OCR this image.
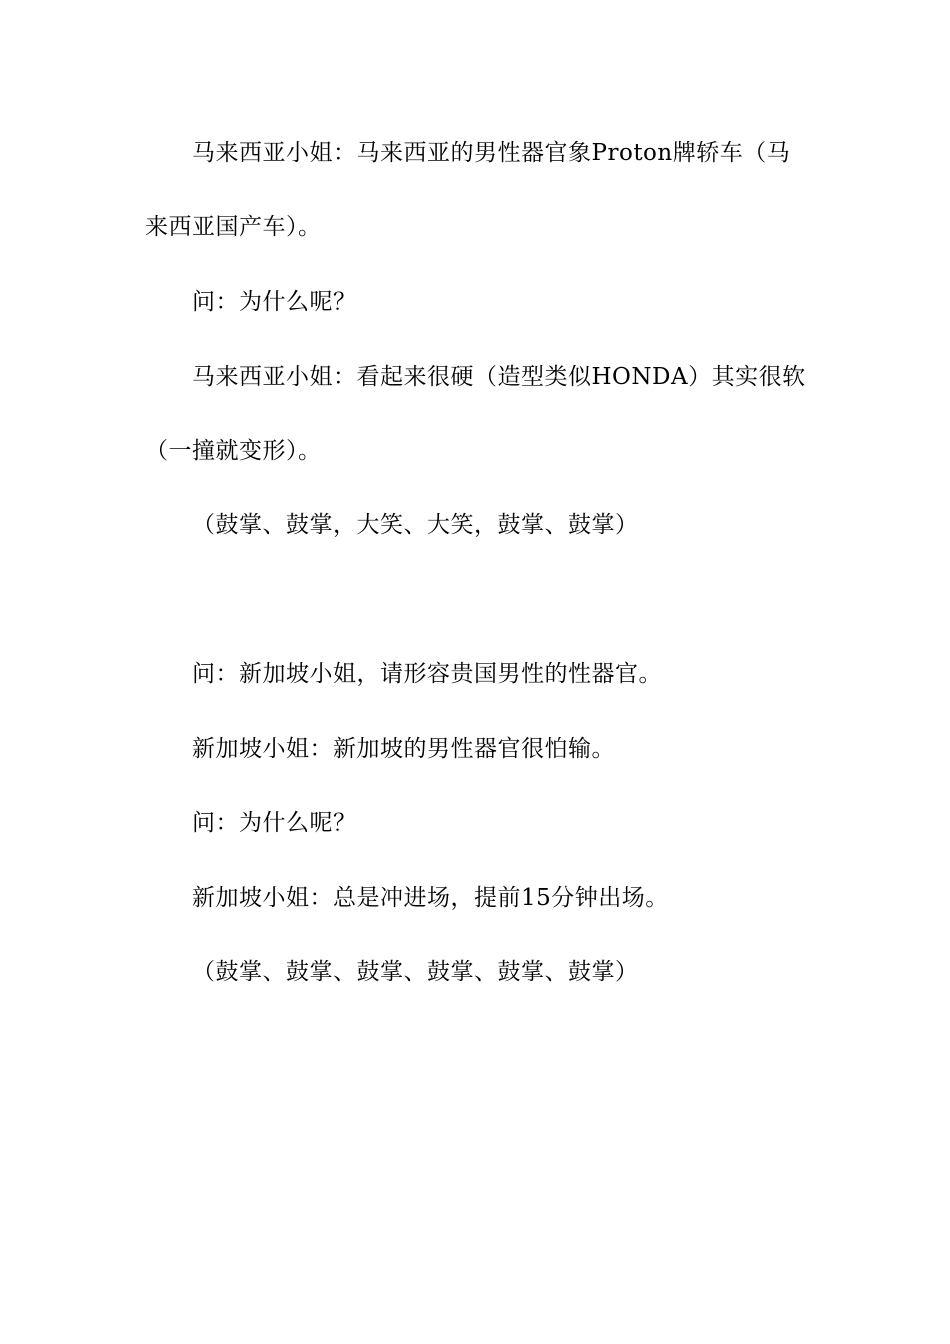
马来西亚小姐：马来西亚的男性器官象Proton牌轿车（马
来西亚国产车）。
问：为什么呢？
马来西亚小姐：看起来很硬（造型类似HONDA）其实很软
（一撞就变形）。
（鼓掌、鼓掌，大笑、大笑，鼓掌、鼓掌）
问：新加坡小姐，请形容贵国男性的性器官。
新加坡小姐：新加坡的男性器官很怕输。
问：为什么呢？
新加坡小姐：总是冲进场，提前15分钟出场。
（鼓掌、鼓掌、鼓掌、鼓掌、鼓掌、鼓掌）
